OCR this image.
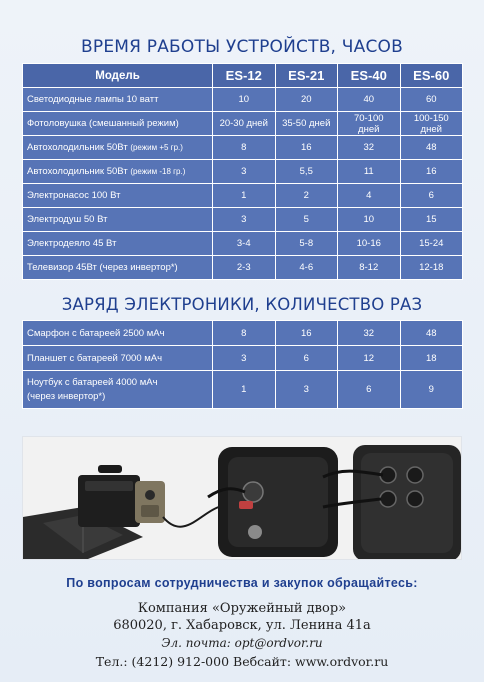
ВРЕМЯ РАБОТЫ УСТРОЙСТВ, ЧАСОВ
Модель	ES-12	ES-21	ES-40	ES-60
Светодиодные лампы 10 ватт	10	20	40	60
Фотоловушка (смешанный режим)	20-30 дней	35-50 дней	70-100 дней	100-150 дней
Автохолодильник 50Вт (режим +5 гр.)	8	16	32	48
Автохолодильник 50Вт (режим -18 гр.)	3	5,5	11	16
Электронасос 100 Вт	1	2	4	6
Электродуш 50 Вт	3	5	10	15
Электродеяло 45 Вт	3-4	5-8	10-16	15-24
Телевизор 45Вт (через инвертор*)	2-3	4-6	8-12	12-18
ЗАРЯД ЭЛЕКТРОНИКИ, КОЛИЧЕСТВО РАЗ
Смарфон с батареей 2500 мАч	8	16	32	48

Планшет с батареей 7000 мАч	3	6	12	18

Ноутбук с батареей 4000 мАч
(через инвертор*)	1	3	6	9
По вопросам сотрудничества и закупок обращайтесь:
Компания «Оружейный двор»
680020, г. Хабаровск, ул. Ленина 41а
Эл. почта: opt@ordvor.ru
Тел.: (4212) 912-000 Вебсайт: www.ordvor.ru
